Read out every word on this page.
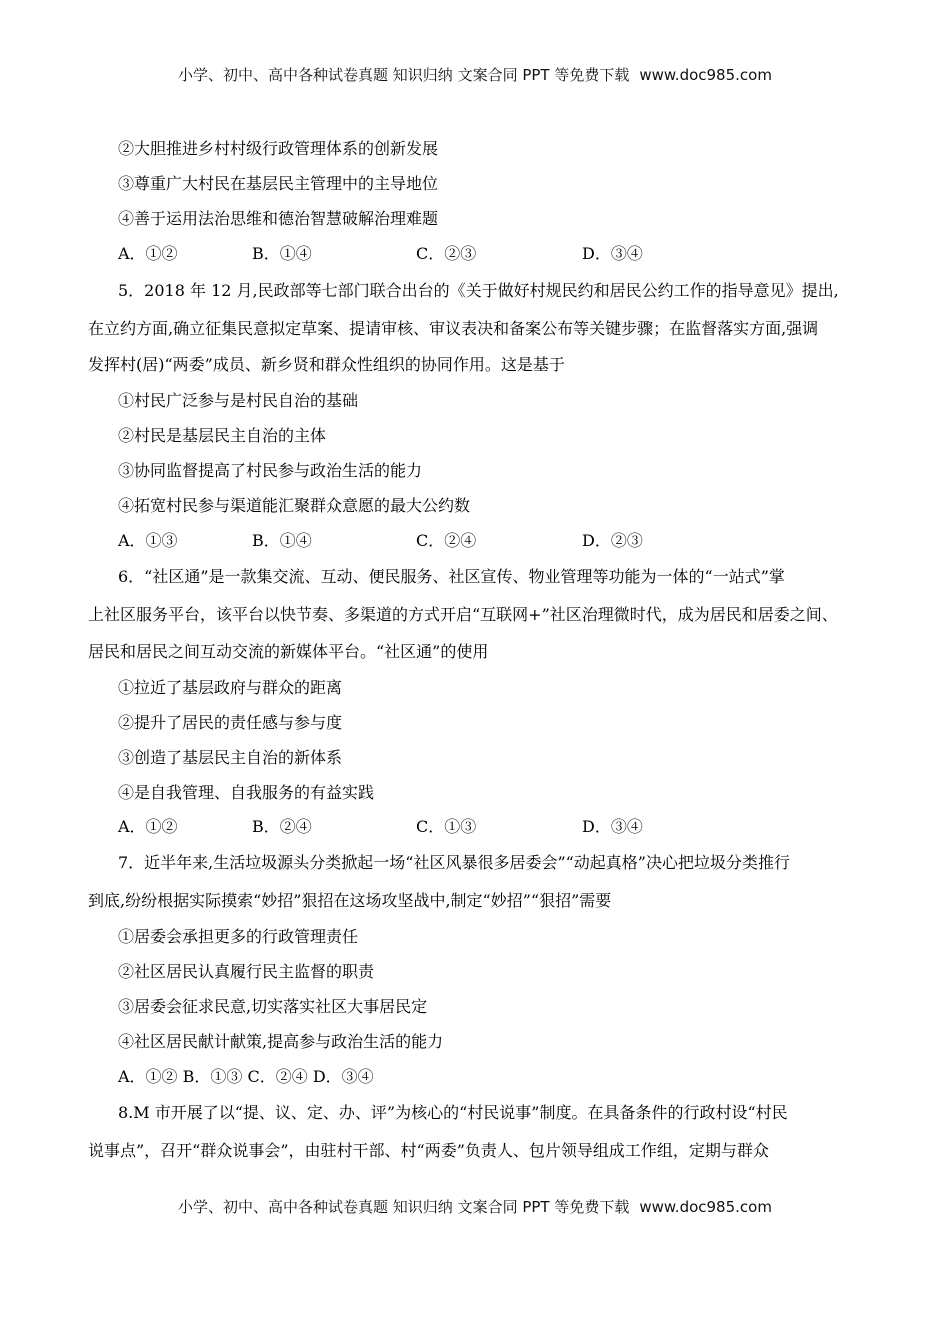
小学、初中、高中各种试卷真题 知识归纳 文案合同 PPT 等免费下载 www.doc985.com
②大胆推进乡村村级行政管理体系的创新发展
③尊重广大村民在基层民主管理中的主导地位
④善于运用法治思维和德治智慧破解治理难题
A．①②	B．①④	C．②③	D．③④
5．2018 年 12 月,民政部等七部门联合出台的《关于做好村规民约和居民公约工作的指导意见》提出,
在立约方面,确立征集民意拟定草案、提请审核、审议表决和备案公布等关键步骤；在监督落实方面,强调
发挥村(居)“两委”成员、新乡贤和群众性组织的协同作用。这是基于
①村民广泛参与是村民自治的基础
②村民是基层民主自治的主体
③协同监督提高了村民参与政治生活的能力
④拓宽村民参与渠道能汇聚群众意愿的最大公约数
A．①③	B．①④	C．②④	D．②③
6．“社区通”是一款集交流、互动、便民服务、社区宣传、物业管理等功能为一体的“一站式”掌
上社区服务平台，该平台以快节奏、多渠道的方式开启“互联网+”社区治理微时代，成为居民和居委之间、
居民和居民之间互动交流的新媒体平台。“社区通”的使用
①拉近了基层政府与群众的距离
②提升了居民的责任感与参与度
③创造了基层民主自治的新体系
④是自我管理、自我服务的有益实践
A．①②	B．②④	C．①③	D．③④
7．近半年来,生活垃圾源头分类掀起一场“社区风暴很多居委会”“动起真格”决心把垃圾分类推行
到底,纷纷根据实际摸索“妙招”狠招在这场攻坚战中,制定“妙招”“狠招”需要
①居委会承担更多的行政管理责任
②社区居民认真履行民主监督的职责
③居委会征求民意,切实落实社区大事居民定
④社区居民献计献策,提高参与政治生活的能力
A．①② B．①③ C．②④ D．③④
8.M 市开展了以“提、议、定、办、评”为核心的“村民说事”制度。在具备条件的行政村设“村民
说事点”，召开“群众说事会”，由驻村干部、村“两委”负责人、包片领导组成工作组，定期与群众
小学、初中、高中各种试卷真题 知识归纳 文案合同 PPT 等免费下载 www.doc985.com
